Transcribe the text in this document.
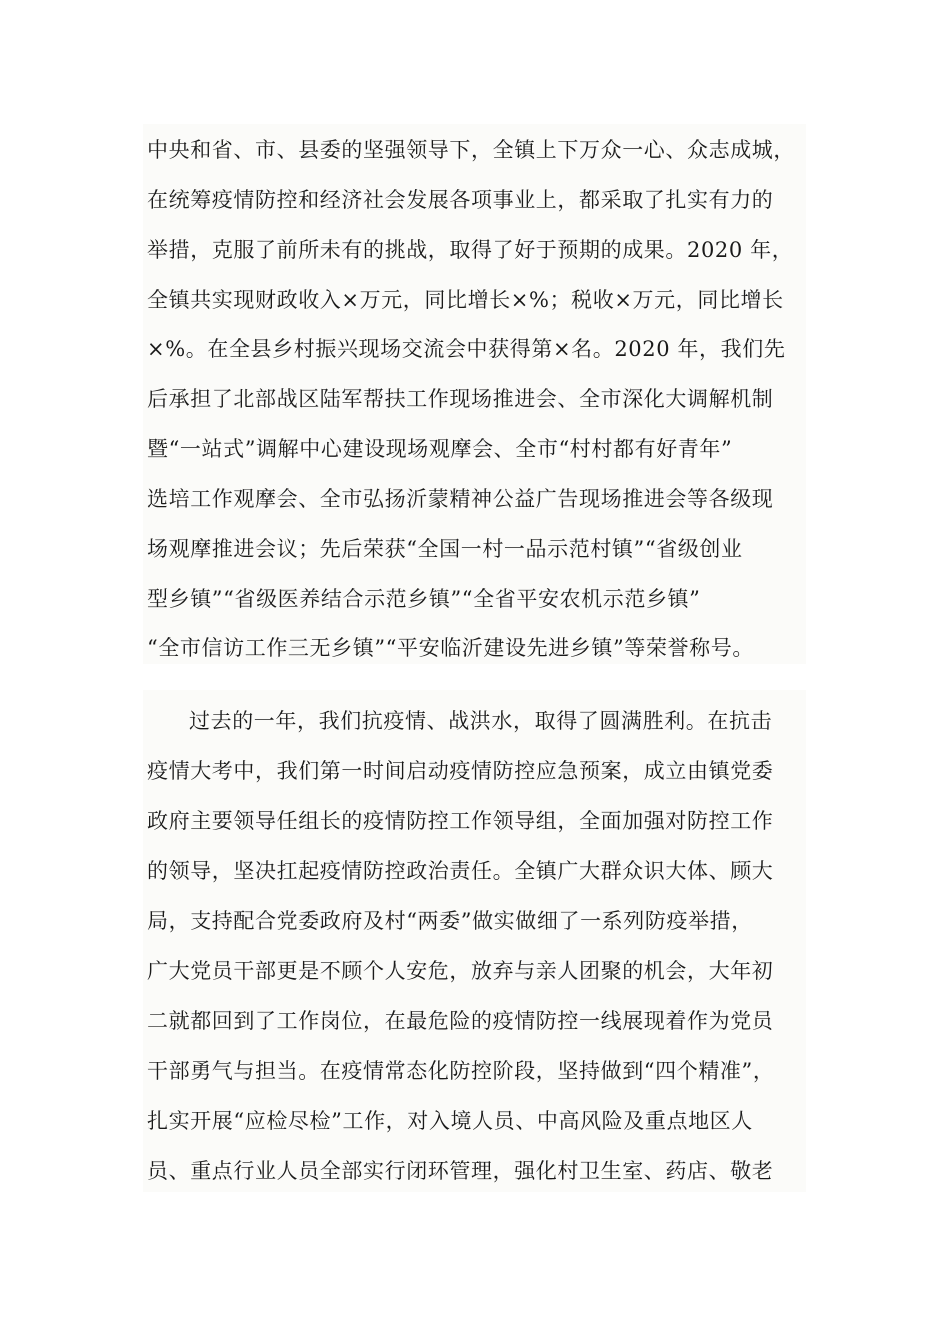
中央和省、市、县委的坚强领导下，全镇上下万众一心、众志成城，
在统筹疫情防控和经济社会发展各项事业上，都采取了扎实有力的
举措，克服了前所未有的挑战，取得了好于预期的成果。2020 年，
全镇共实现财政收入×万元，同比增长×%；税收×万元，同比增长
×%。在全县乡村振兴现场交流会中获得第×名。2020 年，我们先
后承担了北部战区陆军帮扶工作现场推进会、全市深化大调解机制
暨“一站式”调解中心建设现场观摩会、全市“村村都有好青年”
选培工作观摩会、全市弘扬沂蒙精神公益广告现场推进会等各级现
场观摩推进会议；先后荣获“全国一村一品示范村镇”“省级创业
型乡镇”“省级医养结合示范乡镇”“全省平安农机示范乡镇”
“全市信访工作三无乡镇”“平安临沂建设先进乡镇”等荣誉称号。
过去的一年，我们抗疫情、战洪水，取得了圆满胜利。在抗击
疫情大考中，我们第一时间启动疫情防控应急预案，成立由镇党委
政府主要领导任组长的疫情防控工作领导组，全面加强对防控工作
的领导，坚决扛起疫情防控政治责任。全镇广大群众识大体、顾大
局，支持配合党委政府及村“两委”做实做细了一系列防疫举措，
广大党员干部更是不顾个人安危，放弃与亲人团聚的机会，大年初
二就都回到了工作岗位，在最危险的疫情防控一线展现着作为党员
干部勇气与担当。在疫情常态化防控阶段，坚持做到“四个精准”，
扎实开展“应检尽检”工作，对入境人员、中高风险及重点地区人
员、重点行业人员全部实行闭环管理，强化村卫生室、药店、敬老
